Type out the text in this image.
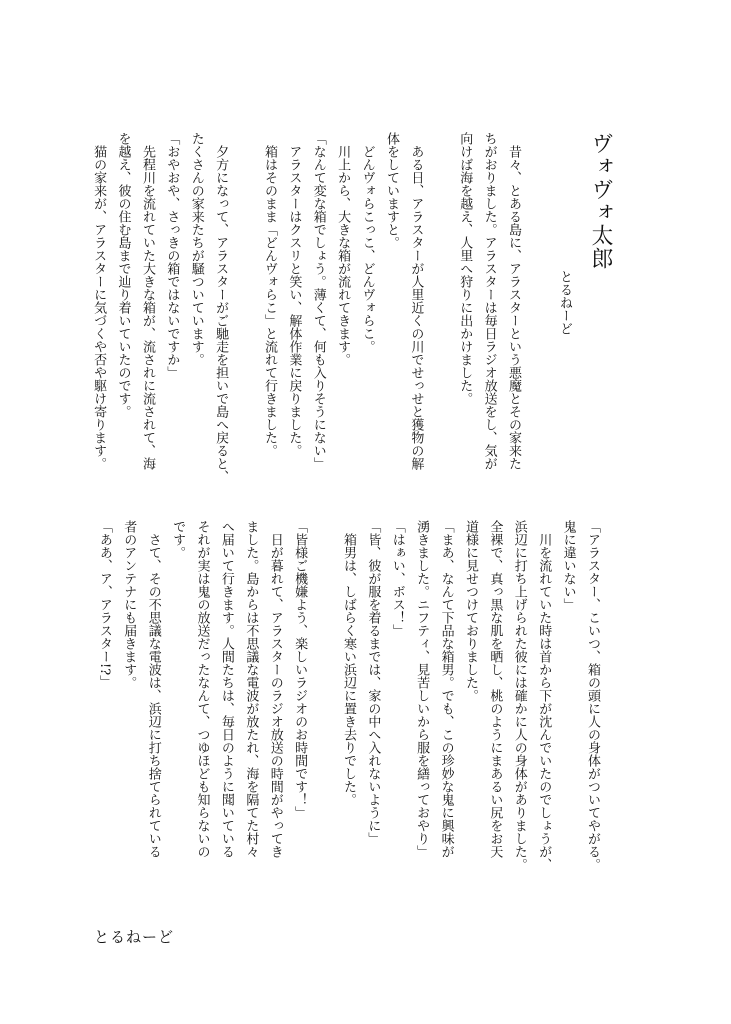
ヴォヴォ太郎
とるねーど
　昔々、とある島に、アラスターという悪魔とその家来た
ちがおりました。アラスターは毎日ラジオ放送をし、気が
向けば海を越え、人里へ狩りに出かけました。
　ある日、アラスターが人里近くの川でせっせと獲物の解
体をしていますと。
　どんヴォらこっこ、どんヴォらこ。
　川上から、大きな箱が流れてきます。
「なんて変な箱でしょう。薄くて、何も入りそうにない」
　アラスターはクスリと笑い、解体作業に戻りました。
　箱はそのまま「どんヴォらこ」と流れて行きました。
　夕方になって、アラスターがご馳走を担いで島へ戻ると、
たくさんの家来たちが騒ついています。
「おやおや、さっきの箱ではないですか」
　先程川を流れていた大きな箱が、流されに流されて、海
を越え、彼の住む島まで辿り着いていたのです。
　猫の家来が、アラスターに気づくや否や駆け寄ります。
「アラスター、こいつ、箱の頭に人の身体がついてやがる。
鬼に違いない」
　川を流れていた時は首から下が沈んでいたのでしょうが、
浜辺に打ち上げられた彼には確かに人の身体がありました。
全裸で、真っ黒な肌を晒し、桃のようにまあるい尻をお天
道様に見せつけておりました。
「まあ、なんて下品な箱男。でも、この珍妙な鬼に興味が
湧きました。ニフティ、見苦しいから服を繕っておやり」
「はぁい、ボス！」
「皆、彼が服を着るまでは、家の中へ入れないように」
　箱男は、しばらく寒い浜辺に置き去りでした。
「皆様ご機嫌よう、楽しいラジオのお時間です！」
　日が暮れて、アラスターのラジオ放送の時間がやってき
ました。島からは不思議な電波が放たれ、海を隔てた村々
へ届いて行きます。人間たちは、毎日のように聞いている
それが実は鬼の放送だったなんて、つゆほども知らないの
です。
　さて、その不思議な電波は、浜辺に打ち捨てられている
者のアンテナにも届きます。
「ああ、ア、アラスター!?」
とるねーど
